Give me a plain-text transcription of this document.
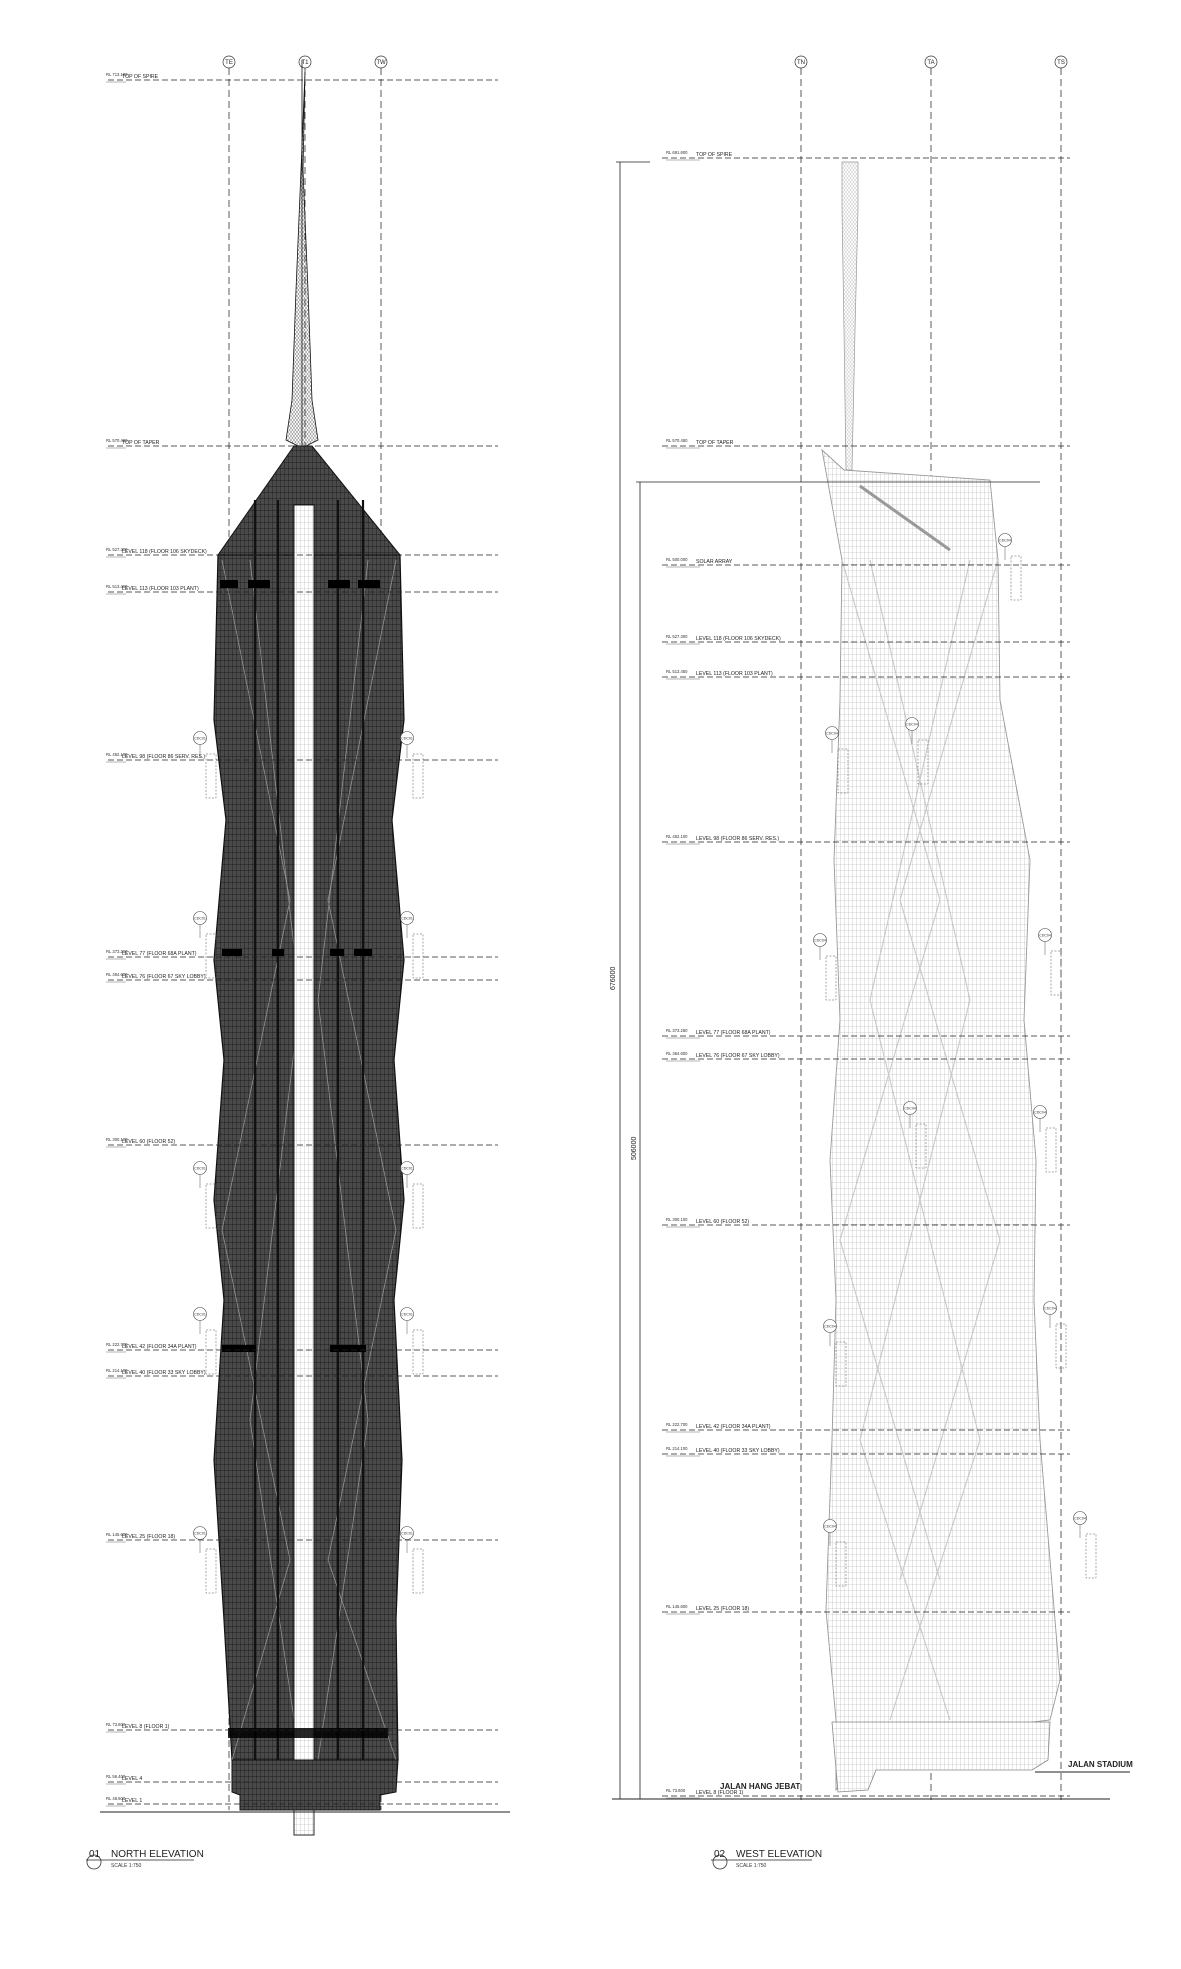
TE	T1	TW
RL 713.100
TOP OF SPIRE
RL 570.450
TOP OF TAPER
RL 527.300
LEVEL 118 (FLOOR 106 SKYDECK)
RL 513.450
LEVEL 113 (FLOOR 103 PLANT)
RL 462.100
LEVEL 98 (FLOOR 86 SERV. RES.)
RL 373.250
LEVEL 77 (FLOOR 68A PLANT)
RL 364.600
LEVEL 76 (FLOOR 67 SKY LOBBY)
RL 300.100
LEVEL 60 (FLOOR 52)
RL 222.700
LEVEL 42 (FLOOR 34A PLANT)
RL 214.100
LEVEL 40 (FLOOR 33 SKY LOBBY)
RL 145.600
LEVEL 25 (FLOOR 18)
RL 73.600
LEVEL 8 (FLOOR 1)
RL 56.400
LEVEL 4
RL 48.600
LEVEL 1
CDC01	CDC01
CDC01	CDC01
CDC01	CDC01
CDC01	CDC01
CDC01	CDC01
01 NORTH ELEVATION
SCALE 1:750
TN	TA	TS
676000
506000
JALAN HANG JEBAT
JALAN STADIUM
RL 691.600 TOP OF SPIRE
RL 570.450 TOP OF TAPER
RL 500.000 SOLAR ARRAY
RL 527.300 LEVEL 118 (FLOOR 106 SKYDECK)
RL 513.450 LEVEL 113 (FLOOR 103 PLANT)
RL 462.100 LEVEL 98 (FLOOR 86 SERV. RES.)
RL 373.250 LEVEL 77 (FLOOR 68A PLANT)
RL 364.600 LEVEL 76 (FLOOR 67 SKY LOBBY)
RL 300.100 LEVEL 60 (FLOOR 52)
RL 222.700 LEVEL 42 (FLOOR 34A PLANT)
RL 214.100 LEVEL 40 (FLOOR 33 SKY LOBBY)
RL 145.600 LEVEL 25 (FLOOR 18)
RL 73.600 LEVEL 8 (FLOOR 1)
CDC04
CDC04
CDC04
CDC04
CDC04
CDC04
CDC04
CDC04
CDC04
CDC04
CDC04
02 WEST ELEVATION
SCALE 1:750
